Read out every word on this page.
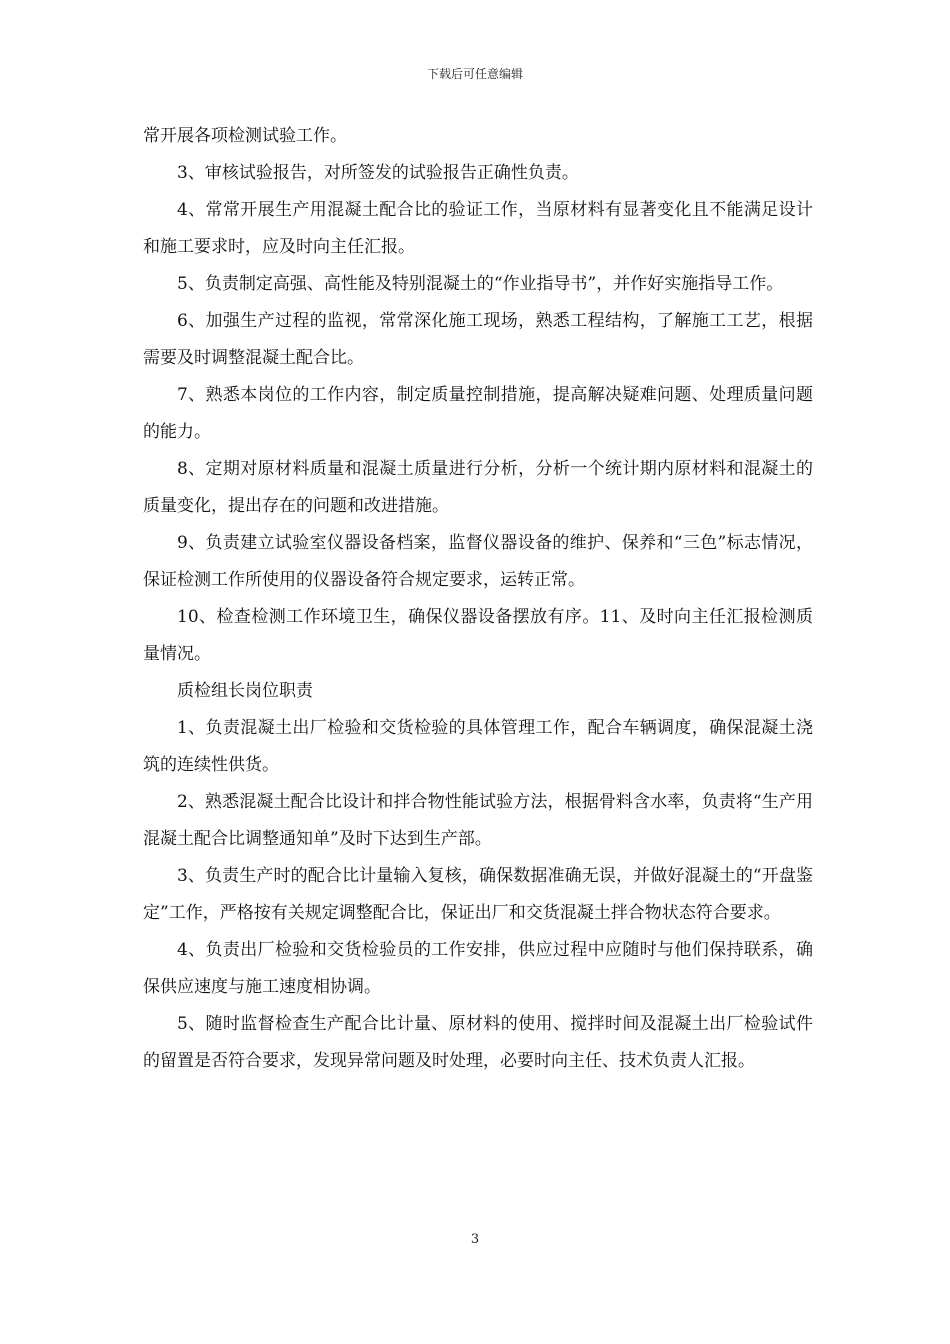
下载后可任意编辑

常开展各项检测试验工作。

3、审核试验报告，对所签发的试验报告正确性负责。

4、常常开展生产用混凝土配合比的验证工作，当原材料有显著变化且不能满足设计和施工要求时，应及时向主任汇报。

5、负责制定高强、高性能及特别混凝土的“作业指导书”，并作好实施指导工作。

6、加强生产过程的监视，常常深化施工现场，熟悉工程结构，了解施工工艺，根据需要及时调整混凝土配合比。

7、熟悉本岗位的工作内容，制定质量控制措施，提高解决疑难问题、处理质量问题的能力。

8、定期对原材料质量和混凝土质量进行分析，分析一个统计期内原材料和混凝土的质量变化，提出存在的问题和改进措施。

9、负责建立试验室仪器设备档案，监督仪器设备的维护、保养和“三色”标志情况，保证检测工作所使用的仪器设备符合规定要求，运转正常。

10、检查检测工作环境卫生，确保仪器设备摆放有序。11、及时向主任汇报检测质量情况。

质检组长岗位职责

1、负责混凝土出厂检验和交货检验的具体管理工作，配合车辆调度，确保混凝土浇筑的连续性供货。

2、熟悉混凝土配合比设计和拌合物性能试验方法，根据骨料含水率，负责将“生产用混凝土配合比调整通知单”及时下达到生产部。

3、负责生产时的配合比计量输入复核，确保数据准确无误，并做好混凝土的“开盘鉴定”工作，严格按有关规定调整配合比，保证出厂和交货混凝土拌合物状态符合要求。

4、负责出厂检验和交货检验员的工作安排，供应过程中应随时与他们保持联系，确保供应速度与施工速度相协调。

5、随时监督检查生产配合比计量、原材料的使用、搅拌时间及混凝土出厂检验试件的留置是否符合要求，发现异常问题及时处理，必要时向主任、技术负责人汇报。

3
